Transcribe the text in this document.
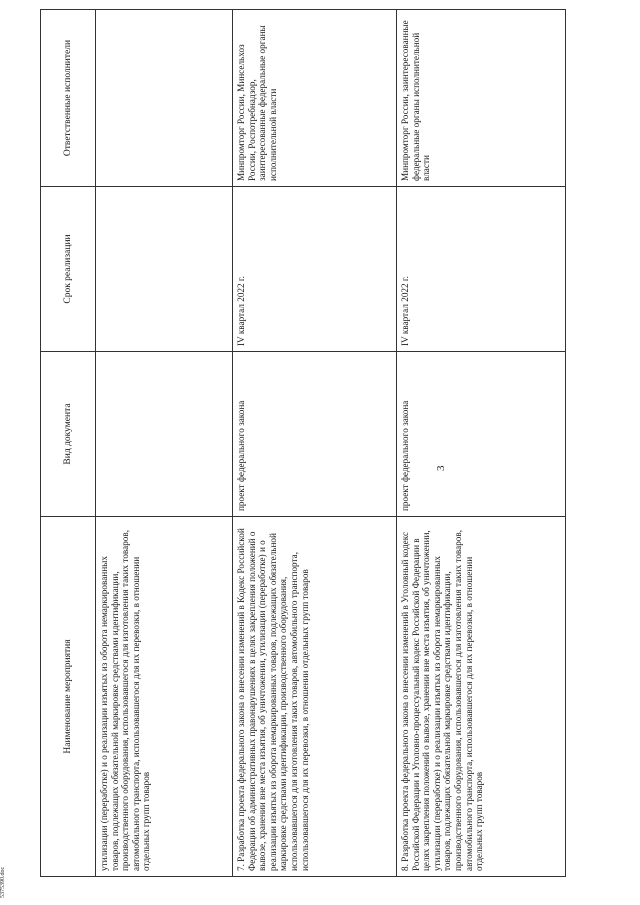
3
Наименование мероприятия	Вид документа	Срок реализации	Ответственные исполнители
утилизации (переработке) и о реализации изъятых из оборота немаркированных товаров, подлежащих обязательной маркировке средствами идентификации, производственного оборудования, использовавшегося для изготовления таких товаров, автомобильного транспорта, использовавшегося для их перевозки, в отношении отдельных групп товаров			
7. Разработка проекта федерального закона о внесении изменений в Кодекс Российской Федерации об административных правонарушениях в целях закрепления положений о вывозе, хранении вне места изъятия, об уничтожении, утилизации (переработке) и о реализации изъятых из оборота немаркированных товаров, подлежащих обязательной маркировке средствами идентификации, производственного оборудования, использовавшегося для изготовления таких товаров, автомобильного транспорта, использовавшегося для их перевозки, в отношении отдельных групп товаров	проект федерального закона	IV квартал 2022 г.	Минпромторг России, Минсельхоз России, Роспотребнадзор, заинтересованные федеральные органы исполнительной власти
8. Разработка проекта федерального закона о внесении изменений в Уголовный кодекс Российской Федерации и Уголовно-процессуальный кодекс Российской Федерации в целях закрепления положений о вывозе, хранении вне места изъятия, об уничтожении, утилизации (переработке) и о реализации изъятых из оборота немаркированных товаров, подлежащих обязательной маркировке средствами идентификации, производственного оборудования, использовавшегося для изготовления таких товаров, автомобильного транспорта, использовавшегося для их перевозки, в отношении отдельных групп товаров	проект федерального закона	IV квартал 2022 г.	Минпромторг России, заинтересованные федеральные органы исполнительной власти
5375390.doc
